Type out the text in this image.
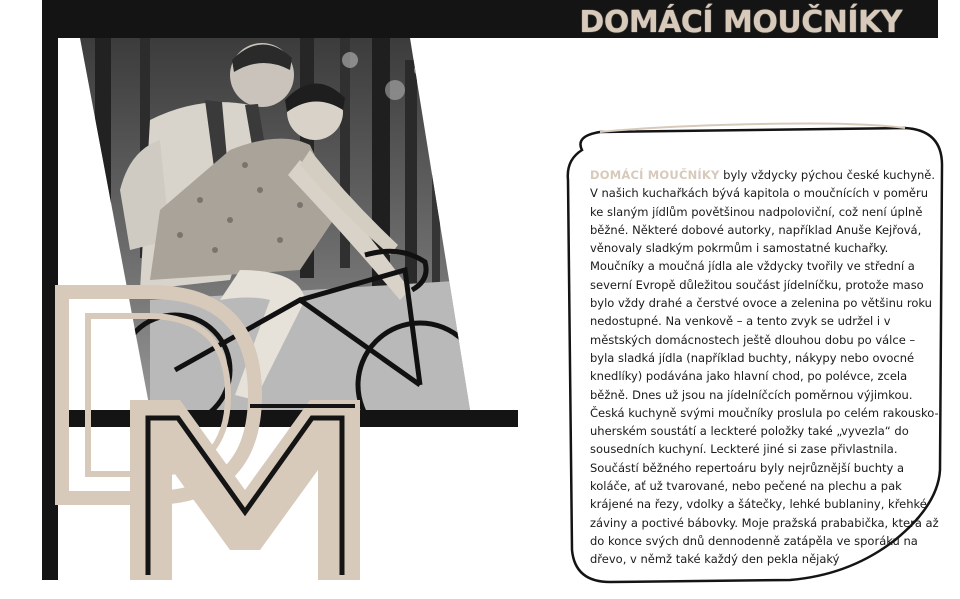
DOMÁCÍ MOUČNÍKY

DOMÁCÍ MOUČNÍKY byly vždycky pýchou české kuchyně. V našich kuchařkách bývá kapitola o moučnících v poměru ke slaným jídlům povětšinou nadpoloviční, což není úplně běžné. Některé dobové autorky, například Anuše Kejřová, věnovaly sladkým pokrmům i samostatné kuchařky. Moučníky a moučná jídla ale vždycky tvořily ve střední a severní Evropě důležitou součást jídelníčku, protože maso bylo vždy drahé a čerstvé ovoce a zelenina po většinu roku nedostupné. Na venkově – a tento zvyk se udržel i v městských domácnostech ještě dlouhou dobu po válce – byla sladká jídla (například buchty, nákypy nebo ovocné knedlíky) podávána jako hlavní chod, po polévce, zcela běžně. Dnes už jsou na jídelníčcích poměrnou výjimkou. Česká kuchyně svými moučníky proslula po celém rakousko-uherském soustátí a leckteré položky také „vyvezla“ do sousedních kuchyní. Leckteré jiné si zase přivlastnila. Součástí běžného repertoáru byly nejrůznější buchty a koláče, ať už tvarované, nebo pečené na plechu a pak krájené na řezy, vdolky a šátečky, lehké bublaniny, křehké záviny a poctivé bábovky. Moje pražská prababička, která až do konce svých dnů dennodenně zatápěla ve sporáku na dřevo, v němž také každý den pekla nějaký
